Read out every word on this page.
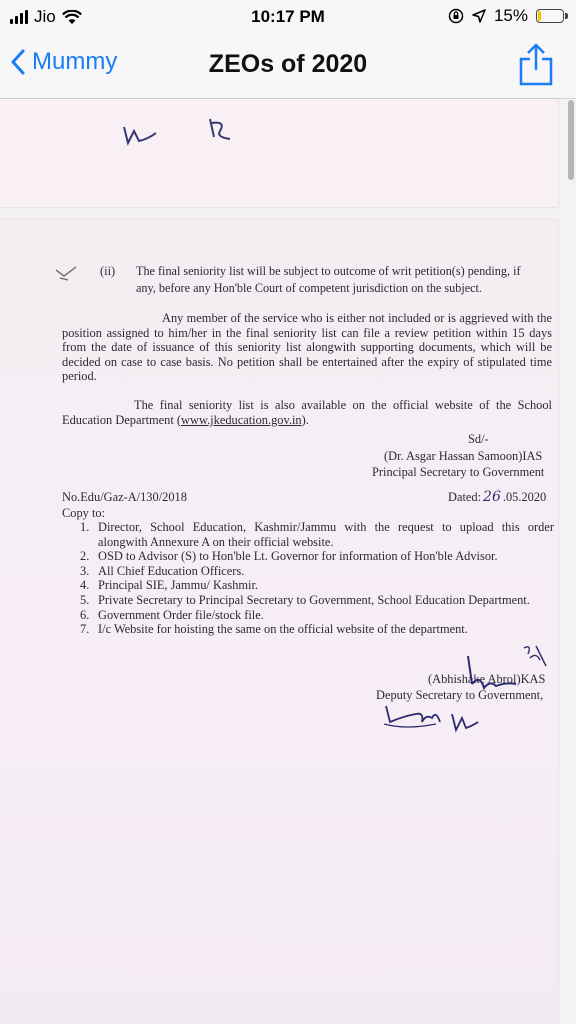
Jio	10:17 PM	15%
Mummy	ZEOs of 2020
(ii) The final seniority list will be subject to outcome of writ petition(s) pending, if
any, before any Hon'ble Court of competent jurisdiction on the subject.
Any member of the service who is either not included or is aggrieved with the position assigned to him/her in the final seniority list can file a review petition within 15 days from the date of issuance of this seniority list alongwith supporting documents, which will be decided on case to case basis. No petition shall be entertained after the expiry of stipulated time period.
The final seniority list is also available on the official website of the School Education Department (www.jkeducation.gov.in).
Sd/-
(Dr. Asgar Hassan Samoon)IAS
Principal Secretary to Government
No.Edu/Gaz-A/130/2018	Dated: 26 .05.2020
Copy to:
1. Director, School Education, Kashmir/Jammu with the request to upload this order alongwith Annexure A on their official website.
2. OSD to Advisor (S) to Hon'ble Lt. Governor for information of Hon'ble Advisor.
3. All Chief Education Officers.
4. Principal SIE, Jammu/ Kashmir.
5. Private Secretary to Principal Secretary to Government, School Education Department.
6. Government Order file/stock file.
7. I/c Website for hoisting the same on the official website of the department.
(Abhishake Abrol)KAS
Deputy Secretary to Government,
